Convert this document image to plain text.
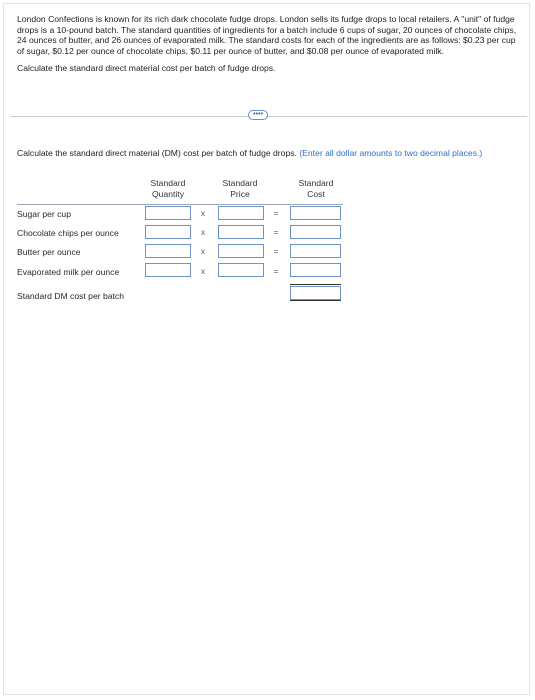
London Confections is known for its rich dark chocolate fudge drops. London sells its fudge drops to local retailers. A "unit" of fudge drops is a 10-pound batch. The standard quantities of ingredients for a batch include 6 cups of sugar, 20 ounces of chocolate chips, 24 ounces of butter, and 26 ounces of evaporated milk. The standard costs for each of the ingredients are as follows: $0.23 per cup of sugar, $0.12 per ounce of chocolate chips, $0.11 per ounce of butter, and $0.08 per ounce of evaporated milk.

Calculate the standard direct material cost per batch of fudge drops.

••••
Calculate the standard direct material (DM) cost per batch of fudge drops. (Enter all dollar amounts to two decimal places.)
Standard
Quantity
Standard
Price
Standard
Cost
Sugar per cup	x	=
Chocolate chips per ounce	x	=
Butter per ounce	x	=
Evaporated milk per ounce	x	=
Standard DM cost per batch
